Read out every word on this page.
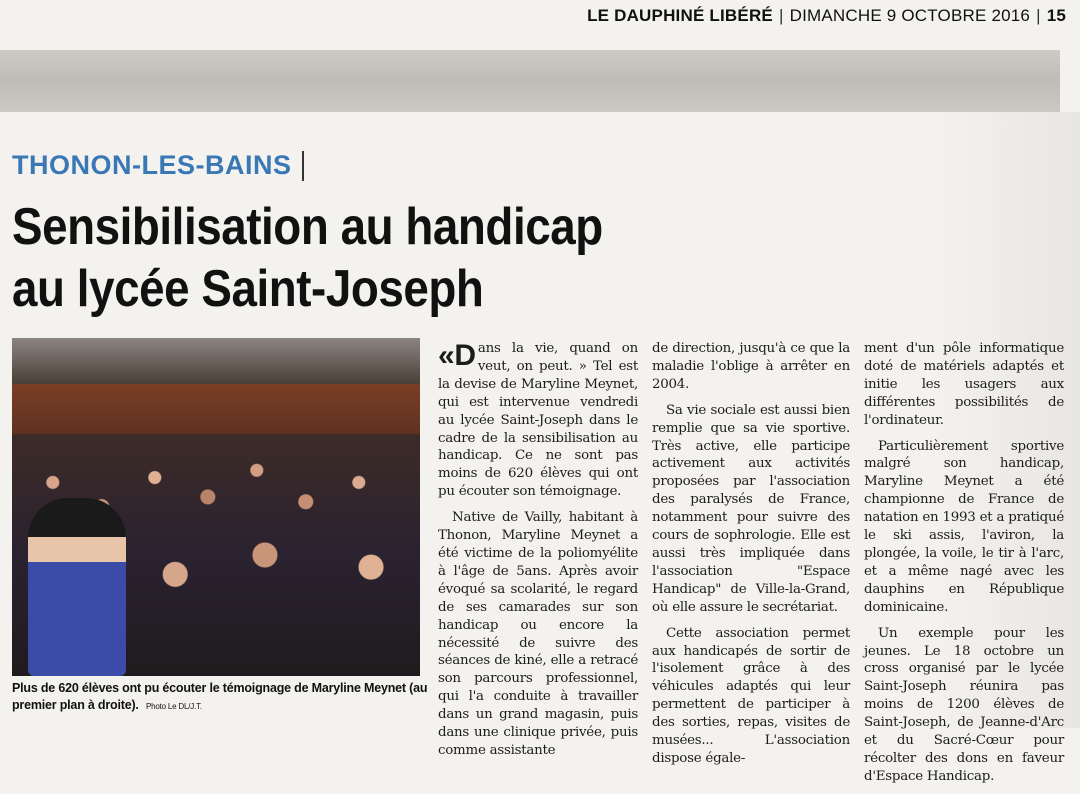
LE DAUPHINÉ LIBÉRÉ | DIMANCHE 9 OCTOBRE 2016 | 15
THONON-LES-BAINS
Sensibilisation au handicap
au lycée Saint-Joseph
Plus de 620 élèves ont pu écouter le témoignage de Maryline Meynet (au premier plan à droite). Photo Le DL/J.T.

«Dans la vie, quand on veut, on peut. » Tel est la devise de Maryline Meynet, qui est intervenue vendredi au lycée Saint-Joseph dans le cadre de la sensibilisation au handicap. Ce ne sont pas moins de 620 élèves qui ont pu écouter son témoignage.

Native de Vailly, habitant à Thonon, Maryline Meynet a été victime de la poliomyélite à l'âge de 5ans. Après avoir évoqué sa scolarité, le regard de ses camarades sur son handicap ou encore la nécessité de suivre des séances de kiné, elle a retracé son parcours professionnel, qui l'a conduite à travailler dans un grand magasin, puis dans une clinique privée, puis comme assistante

de direction, jusqu'à ce que la maladie l'oblige à arrêter en 2004.

Sa vie sociale est aussi bien remplie que sa vie sportive. Très active, elle participe activement aux activités proposées par l'association des paralysés de France, notamment pour suivre des cours de sophrologie. Elle est aussi très impliquée dans l'association "Espace Handicap" de Ville-la-Grand, où elle assure le secrétariat.

Cette association permet aux handicapés de sortir de l'isolement grâce à des véhicules adaptés qui leur permettent de participer à des sorties, repas, visites de musées... L'association dispose égale-

ment d'un pôle informatique doté de matériels adaptés et initie les usagers aux différentes possibilités de l'ordinateur.

Particulièrement sportive malgré son handicap, Maryline Meynet a été championne de France de natation en 1993 et a pratiqué le ski assis, l'aviron, la plongée, la voile, le tir à l'arc, et a même nagé avec les dauphins en République dominicaine.

Un exemple pour les jeunes. Le 18 octobre un cross organisé par le lycée Saint-Joseph réunira pas moins de 1200 élèves de Saint-Joseph, de Jeanne-d'Arc et du Sacré-Cœur pour récolter des dons en faveur d'Espace Handicap.
